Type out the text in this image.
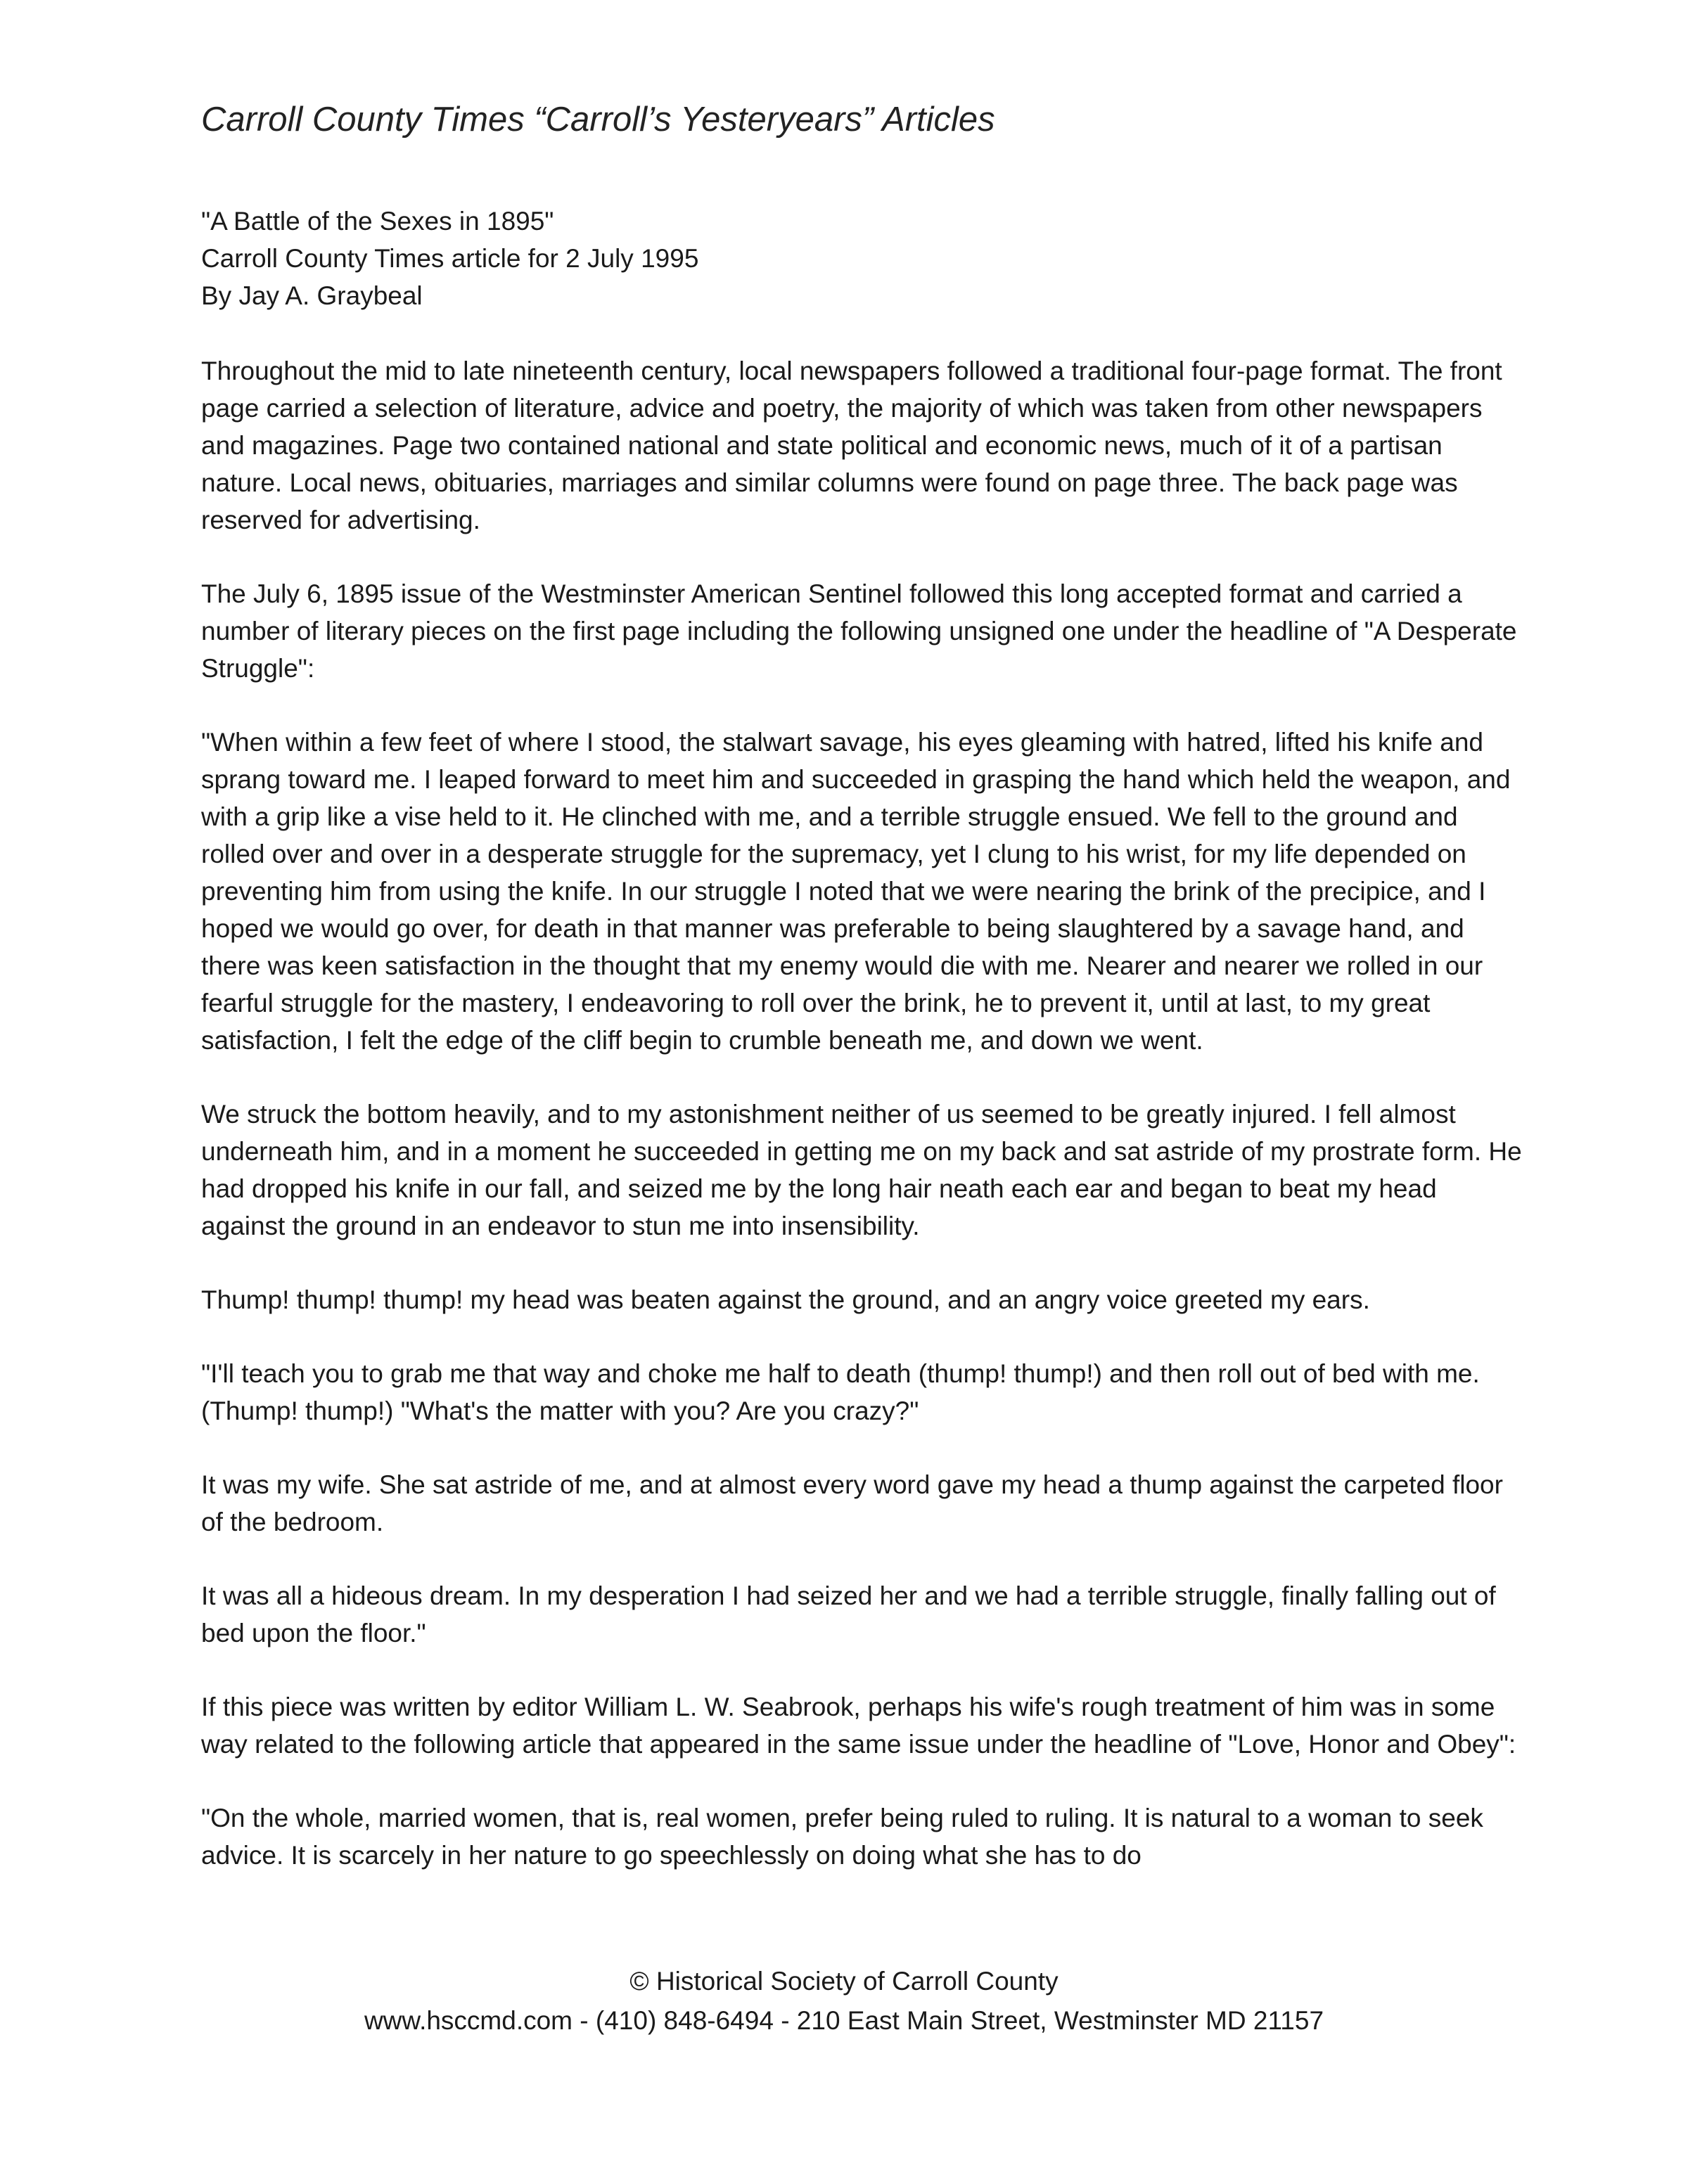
Carroll County Times “Carroll’s Yesteryears” Articles

"A Battle of the Sexes in 1895"

Carroll County Times article for 2 July 1995

By Jay A. Graybeal

Throughout the mid to late nineteenth century, local newspapers followed a traditional four-page format. The front page carried a selection of literature, advice and poetry, the majority of which was taken from other newspapers and magazines. Page two contained national and state political and economic news, much of it of a partisan nature. Local news, obituaries, marriages and similar columns were found on page three. The back page was reserved for advertising.

The July 6, 1895 issue of the Westminster American Sentinel followed this long accepted format and carried a number of literary pieces on the first page including the following unsigned one under the headline of "A Desperate Struggle":

"When within a few feet of where I stood, the stalwart savage, his eyes gleaming with hatred, lifted his knife and sprang toward me. I leaped forward to meet him and succeeded in grasping the hand which held the weapon, and with a grip like a vise held to it. He clinched with me, and a terrible struggle ensued. We fell to the ground and rolled over and over in a desperate struggle for the supremacy, yet I clung to his wrist, for my life depended on preventing him from using the knife. In our struggle I noted that we were nearing the brink of the precipice, and I hoped we would go over, for death in that manner was preferable to being slaughtered by a savage hand, and there was keen satisfaction in the thought that my enemy would die with me. Nearer and nearer we rolled in our fearful struggle for the mastery, I endeavoring to roll over the brink, he to prevent it, until at last, to my great satisfaction, I felt the edge of the cliff begin to crumble beneath me, and down we went.

We struck the bottom heavily, and to my astonishment neither of us seemed to be greatly injured. I fell almost underneath him, and in a moment he succeeded in getting me on my back and sat astride of my prostrate form. He had dropped his knife in our fall, and seized me by the long hair neath each ear and began to beat my head against the ground in an endeavor to stun me into insensibility.

Thump! thump! thump! my head was beaten against the ground, and an angry voice greeted my ears.

"I'll teach you to grab me that way and choke me half to death (thump! thump!) and then roll out of bed with me. (Thump! thump!) "What's the matter with you? Are you crazy?"

It was my wife. She sat astride of me, and at almost every word gave my head a thump against the carpeted floor of the bedroom.

It was all a hideous dream. In my desperation I had seized her and we had a terrible struggle, finally falling out of bed upon the floor."

If this piece was written by editor William L. W. Seabrook, perhaps his wife's rough treatment of him was in some way related to the following article that appeared in the same issue under the headline of "Love, Honor and Obey":

"On the whole, married women, that is, real women, prefer being ruled to ruling. It is natural to a woman to seek advice. It is scarcely in her nature to go speechlessly on doing what she has to do

© Historical Society of Carroll County
www.hsccmd.com - (410) 848-6494 - 210 East Main Street, Westminster MD 21157
